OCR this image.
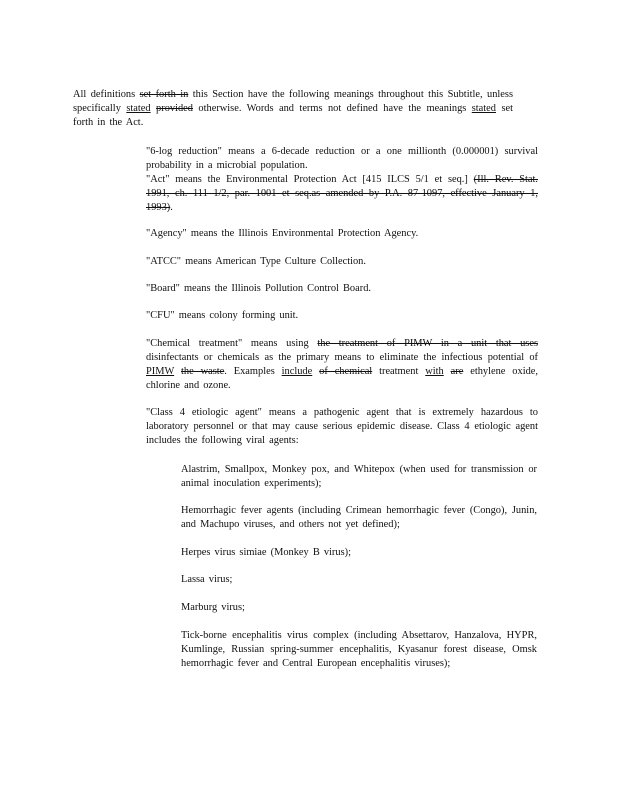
All definitions set forth in this Section have the following meanings throughout this Subtitle, unless specifically stated provided otherwise. Words and terms not defined have the meanings stated set forth in the Act.

"6-log reduction" means a 6-decade reduction or a one millionth (0.000001) survival probability in a microbial population.

"Act" means the Environmental Protection Act [415 ILCS 5/1 et seq.] (Ill. Rev. Stat. 1991, ch. 111 1/2, par. 1001 et seq.as amended by P.A. 87-1097, effective January 1, 1993).

"Agency" means the Illinois Environmental Protection Agency.

"ATCC" means American Type Culture Collection.

"Board" means the Illinois Pollution Control Board.

"CFU" means colony forming unit.

"Chemical treatment" means using the treatment of PIMW in a unit that uses disinfectants or chemicals as the primary means to eliminate the infectious potential of PIMW the waste. Examples include of chemical treatment with are ethylene oxide, chlorine and ozone.

"Class 4 etiologic agent" means a pathogenic agent that is extremely hazardous to laboratory personnel or that may cause serious epidemic disease. Class 4 etiologic agent includes the following viral agents:

Alastrim, Smallpox, Monkey pox, and Whitepox (when used for transmission or animal inoculation experiments);

Hemorrhagic fever agents (including Crimean hemorrhagic fever (Congo), Junin, and Machupo viruses, and others not yet defined);

Herpes virus simiae (Monkey B virus);

Lassa virus;

Marburg virus;

Tick-borne encephalitis virus complex (including Absettarov, Hanzalova, HYPR, Kumlinge, Russian spring-summer encephalitis, Kyasanur forest disease, Omsk hemorrhagic fever and Central European encephalitis viruses);
